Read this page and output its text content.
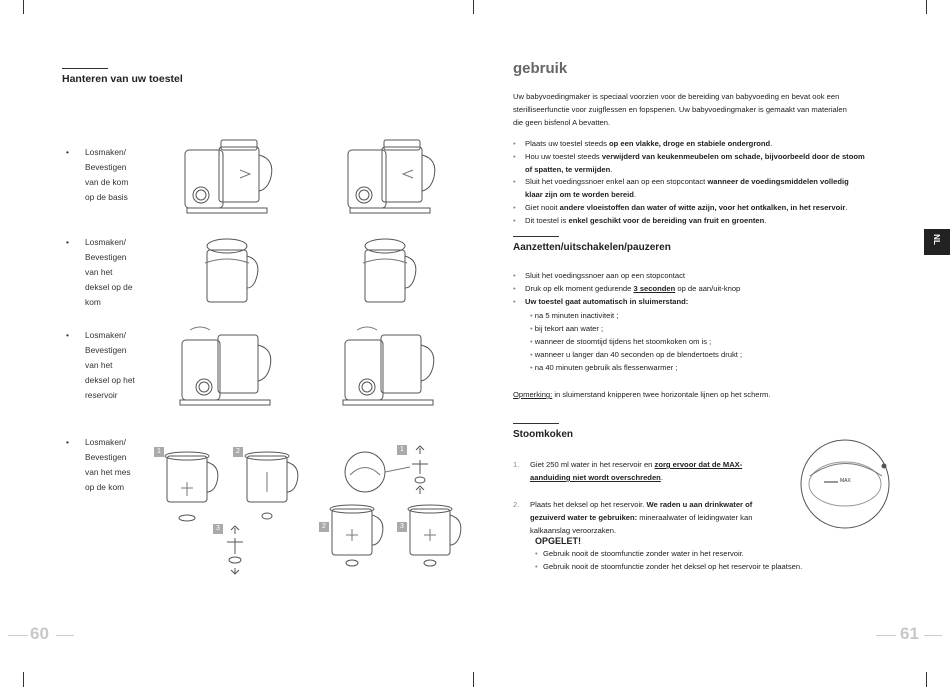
Hanteren van uw toestel
• Losmaken/
Bevestigen
van de kom
op de basis
• Losmaken/
Bevestigen
van het
deksel op de
kom
• Losmaken/
Bevestigen
van het
deksel op het
reservoir
• Losmaken/
Bevestigen
van het mes
op de kom
1	2
3
1
2	3
60
gebruik
Uw babyvoedingmaker is speciaal voorzien voor de bereiding van babyvoeding en bevat ook een
sterilliseerfunctie voor zuigflessen en fopspenen. Uw babyvoedingmaker is gemaakt van materialen
die geen bisfenol A bevatten.
• Plaats uw toestel steeds op een vlakke, droge en stabiele ondergrond.
• Hou uw toestel steeds verwijderd van keukenmeubelen om schade, bijvoorbeeld door de stoom
of spatten, te vermijden.
• Sluit het voedingssnoer enkel aan op een stopcontact wanneer de voedingsmiddelen volledig
klaar zijn om te worden bereid.
• Giet nooit andere vloeistoffen dan water of witte azijn, voor het ontkalken, in het reservoir.
• Dit toestel is enkel geschikt voor de bereiding van fruit en groenten.
Aanzetten/uitschakelen/pauzeren
• Sluit het voedingssnoer aan op een stopcontact
• Druk op elk moment gedurende 3 seconden op de aan/uit-knop
• Uw toestel gaat automatisch in sluimerstand:
• na 5 minuten inactiviteit ;
• bij tekort aan water ;
• wanneer de stoomtijd tijdens het stoomkoken om is ;
• wanneer u langer dan 40 seconden op de blendertoets drukt ;
• na 40 minuten gebruik als flessenwarmer ;
Opmerking: in sluimerstand knipperen twee horizontale lijnen op het scherm.
Stoomkoken
1. Giet 250 ml water in het reservoir en zorg ervoor dat de MAX-
aanduiding niet wordt overschreden.
2. Plaats het deksel op het reservoir. We raden u aan drinkwater of
gezuiverd water te gebruiken: mineraalwater of leidingwater kan
kalkaanslag veroorzaken.
OPGELET!
• Gebruik nooit de stoomfunctie zonder water in het reservoir.
• Gebruik nooit de stoomfunctie zonder het deksel op het reservoir te plaatsen.
MAX
NL
61
